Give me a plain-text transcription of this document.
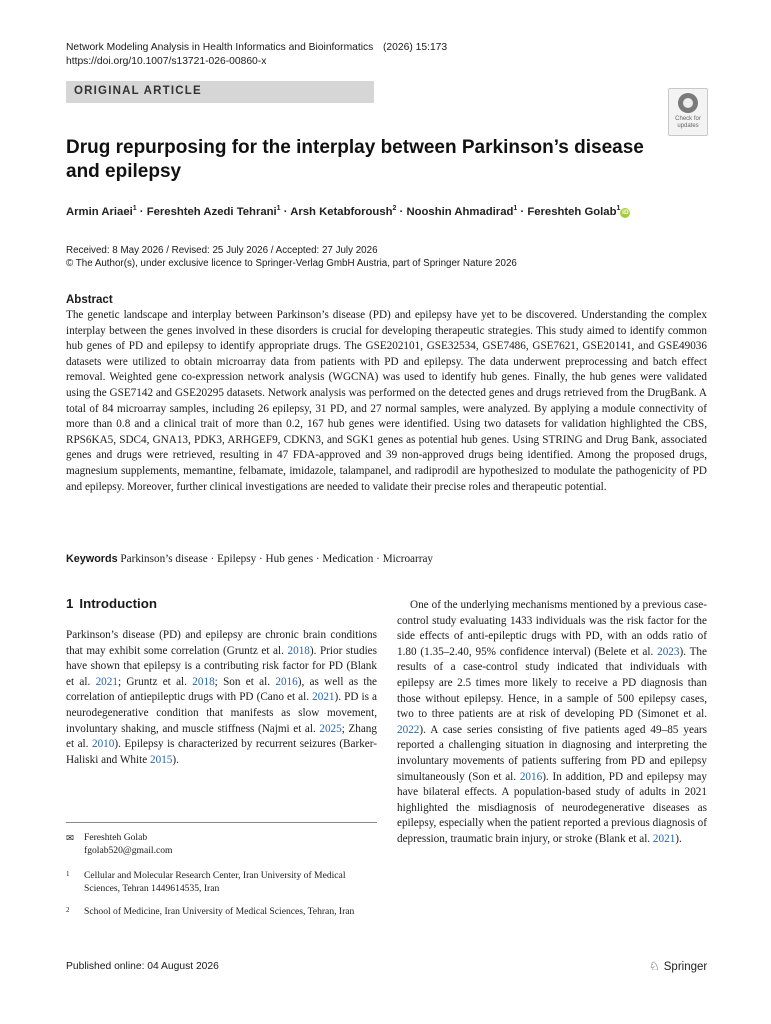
Network Modeling Analysis in Health Informatics and Bioinformatics (2026) 15:173
https://doi.org/10.1007/s13721-026-00860-x
ORIGINAL ARTICLE
Check for
updates
Drug repurposing for the interplay between Parkinson’s disease and epilepsy
Armin Ariaei$^1$ · Fereshteh Azedi Tehrani$^1$ · Arsh Ketabforoush$^2$ · Nooshin Ahmadirad$^1$ · Fereshteh Golab$^1$iD
Received: 8 May 2026 / Revised: 25 July 2026 / Accepted: 27 July 2026
© The Author(s), under exclusive licence to Springer-Verlag GmbH Austria, part of Springer Nature 2026
Abstract
The genetic landscape and interplay between Parkinson’s disease (PD) and epilepsy have yet to be discovered. Understanding the complex interplay between the genes involved in these disorders is crucial for developing therapeutic strategies. This study aimed to identify common hub genes of PD and epilepsy to identify appropriate drugs. The GSE202101, GSE32534, GSE7486, GSE7621, GSE20141, and GSE49036 datasets were utilized to obtain microarray data from patients with PD and epilepsy. The data underwent preprocessing and batch effect removal. Weighted gene co-expression network analysis (WGCNA) was used to identify hub genes. Finally, the hub genes were validated using the GSE7142 and GSE20295 datasets. Network analysis was performed on the detected genes and drugs retrieved from the DrugBank. A total of 84 microarray samples, including 26 epilepsy, 31 PD, and 27 normal samples, were analyzed. By applying a module connectivity of more than 0.8 and a clinical trait of more than 0.2, 167 hub genes were identified. Using two datasets for validation highlighted the CBS, RPS6KA5, SDC4, GNA13, PDK3, ARHGEF9, CDKN3, and SGK1 genes as potential hub genes. Using STRING and Drug Bank, associated genes and drugs were retrieved, resulting in 47 FDA-approved and 39 non-approved drugs being identified. Among the proposed drugs, magnesium supplements, memantine, felbamate, imidazole, talampanel, and radiprodil are hypothesized to modulate the pathogenicity of PD and epilepsy. Moreover, further clinical investigations are needed to validate their precise roles and therapeutic potential.
Keywords Parkinson’s disease · Epilepsy · Hub genes · Medication · Microarray
1 Introduction
Parkinson’s disease (PD) and epilepsy are chronic brain conditions that may exhibit some correlation (Gruntz et al. 2018). Prior studies have shown that epilepsy is a contributing risk factor for PD (Blank et al. 2021; Gruntz et al. 2018; Son et al. 2016), as well as the correlation of antiepileptic drugs with PD (Cano et al. 2021). PD is a neurodegenerative condition that manifests as slow movement, involuntary shaking, and muscle stiffness (Najmi et al. 2025; Zhang et al. 2010). Epilepsy is characterized by recurrent seizures (Barker-Haliski and White 2015).
One of the underlying mechanisms mentioned by a previous case-control study evaluating 1433 individuals was the risk factor for the side effects of anti-epileptic drugs with PD, with an odds ratio of 1.80 (1.35–2.40, 95% confidence interval) (Belete et al. 2023). The results of a case-control study indicated that individuals with epilepsy are 2.5 times more likely to receive a PD diagnosis than those without epilepsy. Hence, in a sample of 500 epilepsy cases, two to three patients are at risk of developing PD (Simonet et al. 2022). A case series consisting of five patients aged 49–85 years reported a challenging situation in diagnosing and interpreting the involuntary movements of patients suffering from PD and epilepsy simultaneously (Son et al. 2016). In addition, PD and epilepsy may have bilateral effects. A population-based study of adults in 2021 highlighted the misdiagnosis of neurodegenerative diseases as epilepsy, especially when the patient reported a previous diagnosis of depression, traumatic brain injury, or stroke (Blank et al. 2021).
✉ Fereshteh Golab
fgolab520@gmail.com
1 Cellular and Molecular Research Center, Iran University of Medical Sciences, Tehran 1449614535, Iran
2 School of Medicine, Iran University of Medical Sciences, Tehran, Iran
Published online: 04 August 2026	♘ Springer
